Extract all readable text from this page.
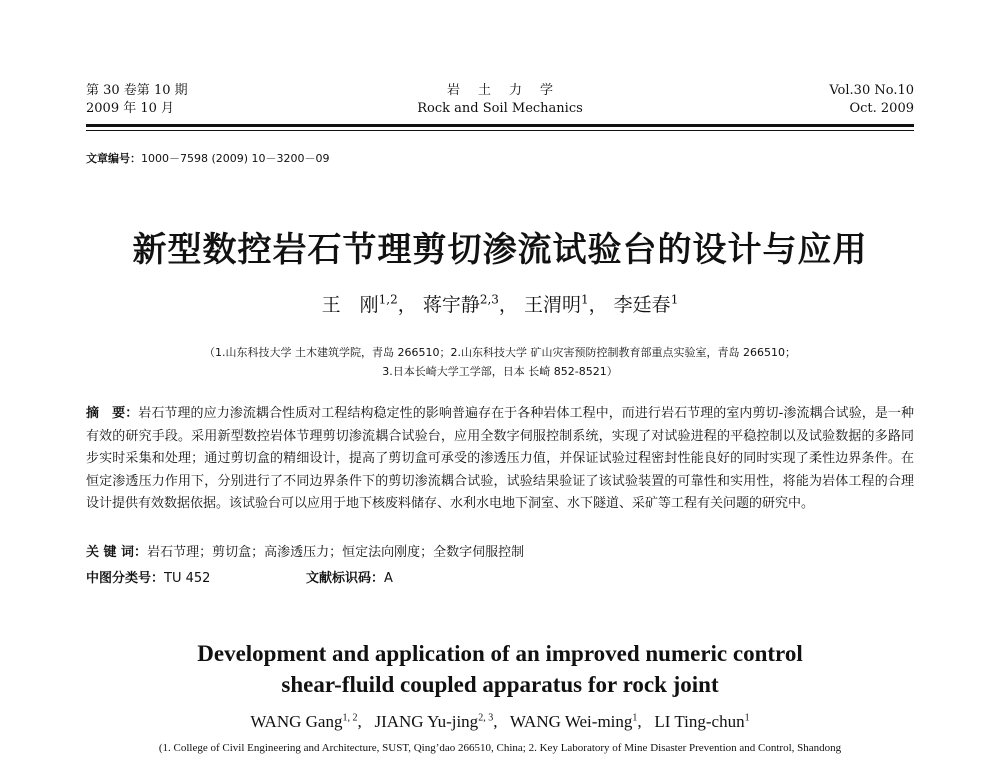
第 30 卷第 10 期
2009 年 10 月
岩土力学
Rock and Soil Mechanics
Vol.30 No.10
Oct. 2009
文章编号：1000－7598 (2009) 10－3200－09
新型数控岩石节理剪切渗流试验台的设计与应用
王　刚$^{1,2}$， 蒋宇静$^{2,3}$， 王渭明$^1$， 李廷春$^1$
（1.山东科技大学 土木建筑学院，青岛 266510；2.山东科技大学 矿山灾害预防控制教育部重点实验室，青岛 266510；
3.日本长崎大学工学部，日本 长崎 852-8521）
摘　要：岩石节理的应力渗流耦合性质对工程结构稳定性的影响普遍存在于各种岩体工程中，而进行岩石节理的室内剪切-渗流耦合试验，是一种有效的研究手段。采用新型数控岩体节理剪切渗流耦合试验台，应用全数字伺服控制系统，实现了对试验进程的平稳控制以及试验数据的多路同步实时采集和处理；通过剪切盒的精细设计，提高了剪切盒可承受的渗透压力值，并保证试验过程密封性能良好的同时实现了柔性边界条件。在恒定渗透压力作用下，分别进行了不同边界条件下的剪切渗流耦合试验，试验结果验证了该试验装置的可靠性和实用性，将能为岩体工程的合理设计提供有效数据依据。该试验台可以应用于地下核废料储存、水利水电地下洞室、水下隧道、采矿等工程有关问题的研究中。
关 键 词：岩石节理；剪切盒；高渗透压力；恒定法向刚度；全数字伺服控制
中图分类号：TU 452	文献标识码：A
Development and application of an improved numeric control
shear-fluild coupled apparatus for rock joint
WANG Gang$^{1, 2}$,   JIANG Yu-jing$^{2, 3}$,   WANG Wei-ming$^1$,   LI Ting-chun$^1$
(1. College of Civil Engineering and Architecture, SUST, Qing’dao 266510, China; 2. Key Laboratory of Mine Disaster Prevention and Control, Shandong
